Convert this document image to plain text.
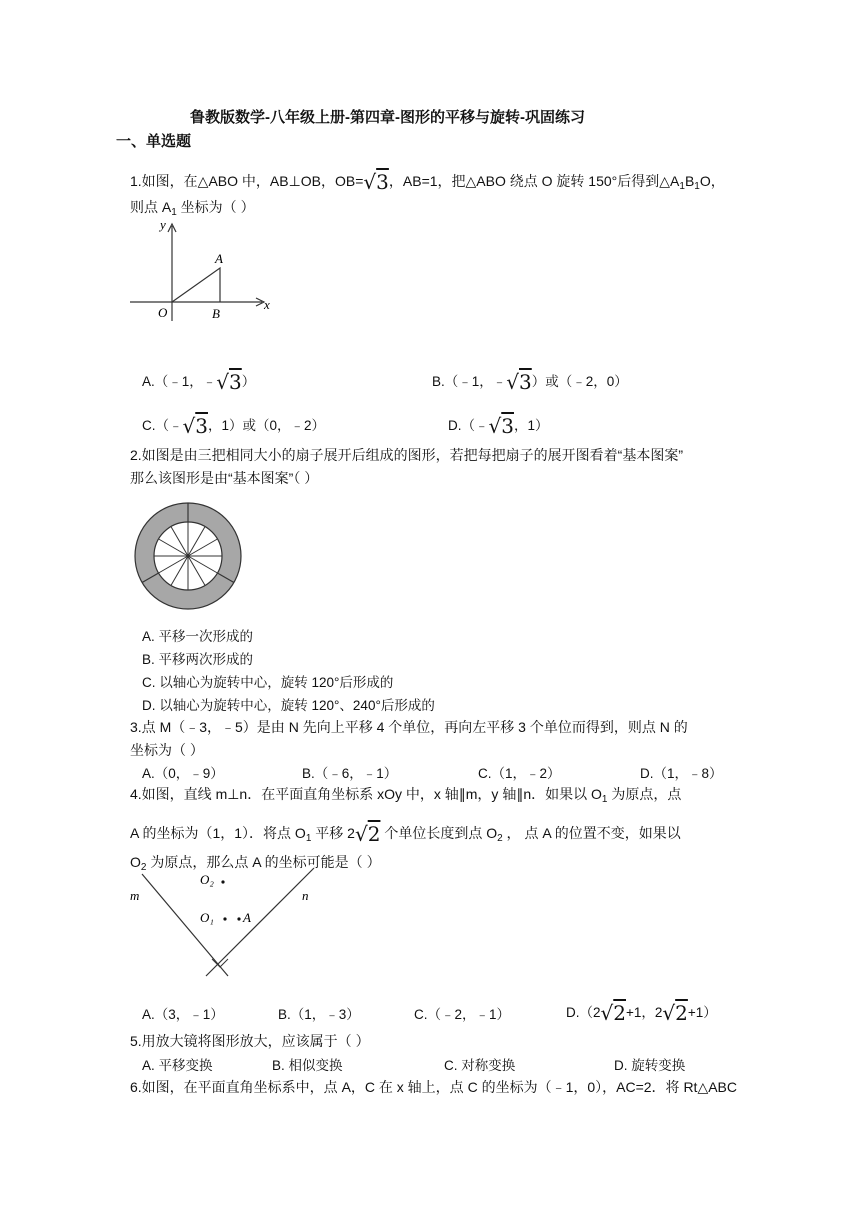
鲁教版数学-八年级上册-第四章-图形的平移与旋转-巩固练习
一、单选题
1.如图，在△ABO 中，AB⊥OB，OB=√3，AB=1，把△ABO 绕点 O 旋转 150°后得到$\triangle A_1B_1O$，
则点 $A_1$ 坐标为（ ）
y
x
O
A
B
A.（﹣1，﹣√3）	B.（﹣1，﹣√3）或（﹣2，0）
C.（﹣√3，1）或（0，﹣2）	D.（﹣√3，1）
2.如图是由三把相同大小的扇子展开后组成的图形，若把每把扇子的展开图看着“基本图案”
那么该图形是由“基本图案”（ ）
A. 平移一次形成的
B. 平移两次形成的
C. 以轴心为旋转中心，旋转 120°后形成的
D. 以轴心为旋转中心，旋转 120°、240°后形成的
3.点 M（﹣3，﹣5）是由 N 先向上平移 4 个单位，再向左平移 3 个单位而得到，则点 N 的
坐标为（ ）
A.（0，﹣9）	B.（﹣6，﹣1）	C.（1，﹣2）	D.（1，﹣8）
4.如图，直线 m⊥n．在平面直角坐标系 xOy 中，x 轴∥m，y 轴∥n．如果以 $O_1$ 为原点，点
A 的坐标为（1，1）．将点 $O_1$ 平移 2√2 个单位长度到点 $O_2$ ， 点 A 的位置不变，如果以
$O_2$ 为原点，那么点 A 的坐标可能是（ ）
m	n
O₂
O₁ A
A.（3，﹣1）	B.（1，﹣3）	C.（﹣2，﹣1）	D.（2√2+1，2√2+1）
5.用放大镜将图形放大，应该属于（ ）
A. 平移变换	B. 相似变换	C. 对称变换	D. 旋转变换
6.如图，在平面直角坐标系中，点 A，C 在 x 轴上，点 C 的坐标为（﹣1，0），AC=2．将 Rt△ABC
